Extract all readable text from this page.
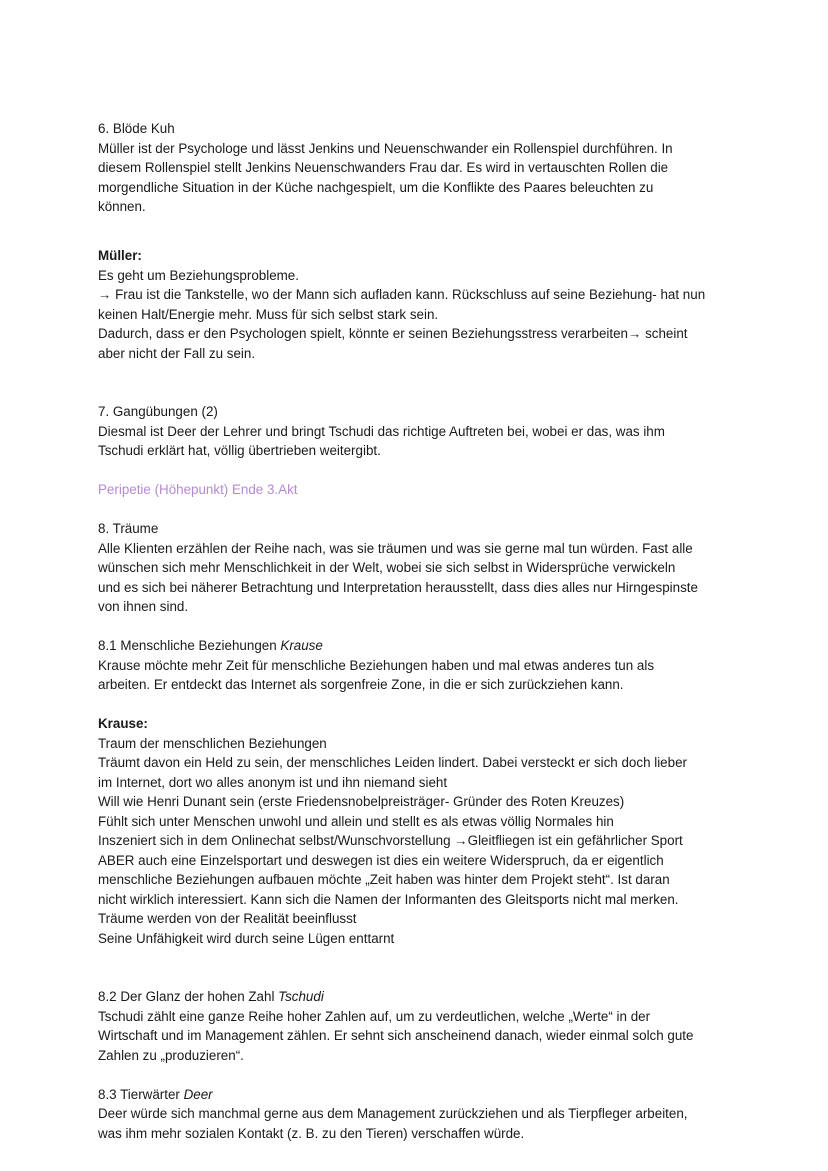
6. Blöde Kuh

Müller ist der Psychologe und lässt Jenkins und Neuenschwander ein Rollenspiel durchführen. In
diesem Rollenspiel stellt Jenkins Neuenschwanders Frau dar. Es wird in vertauschten Rollen die
morgendliche Situation in der Küche nachgespielt, um die Konflikte des Paares beleuchten zu
können.

Müller:

Es geht um Beziehungsprobleme.

→ Frau ist die Tankstelle, wo der Mann sich aufladen kann. Rückschluss auf seine Beziehung- hat nun
keinen Halt/Energie mehr. Muss für sich selbst stark sein.

Dadurch, dass er den Psychologen spielt, könnte er seinen Beziehungsstress verarbeiten→ scheint
aber nicht der Fall zu sein.

7. Gangübungen (2)

Diesmal ist Deer der Lehrer und bringt Tschudi das richtige Auftreten bei, wobei er das, was ihm
Tschudi erklärt hat, völlig übertrieben weitergibt.

Peripetie (Höhepunkt) Ende 3.Akt

8. Träume

Alle Klienten erzählen der Reihe nach, was sie träumen und was sie gerne mal tun würden. Fast alle
wünschen sich mehr Menschlichkeit in der Welt, wobei sie sich selbst in Widersprüche verwickeln
und es sich bei näherer Betrachtung und Interpretation herausstellt, dass dies alles nur Hirngespinste
von ihnen sind.

8.1 Menschliche Beziehungen Krause

Krause möchte mehr Zeit für menschliche Beziehungen haben und mal etwas anderes tun als
arbeiten. Er entdeckt das Internet als sorgenfreie Zone, in die er sich zurückziehen kann.

Krause:

Traum der menschlichen Beziehungen

Träumt davon ein Held zu sein, der menschliches Leiden lindert. Dabei versteckt er sich doch lieber
im Internet, dort wo alles anonym ist und ihn niemand sieht

Will wie Henri Dunant sein (erste Friedensnobelpreisträger- Gründer des Roten Kreuzes)

Fühlt sich unter Menschen unwohl und allein und stellt es als etwas völlig Normales hin

Inszeniert sich in dem Onlinechat selbst/Wunschvorstellung →Gleitfliegen ist ein gefährlicher Sport
ABER auch eine Einzelsportart und deswegen ist dies ein weitere Widerspruch, da er eigentlich
menschliche Beziehungen aufbauen möchte „Zeit haben was hinter dem Projekt steht“. Ist daran
nicht wirklich interessiert. Kann sich die Namen der Informanten des Gleitsports nicht mal merken.

Träume werden von der Realität beeinflusst

Seine Unfähigkeit wird durch seine Lügen enttarnt

8.2 Der Glanz der hohen Zahl Tschudi

Tschudi zählt eine ganze Reihe hoher Zahlen auf, um zu verdeutlichen, welche „Werte“ in der
Wirtschaft und im Management zählen. Er sehnt sich anscheinend danach, wieder einmal solch gute
Zahlen zu „produzieren“.

8.3 Tierwärter Deer

Deer würde sich manchmal gerne aus dem Management zurückziehen und als Tierpfleger arbeiten,
was ihm mehr sozialen Kontakt (z. B. zu den Tieren) verschaffen würde.
